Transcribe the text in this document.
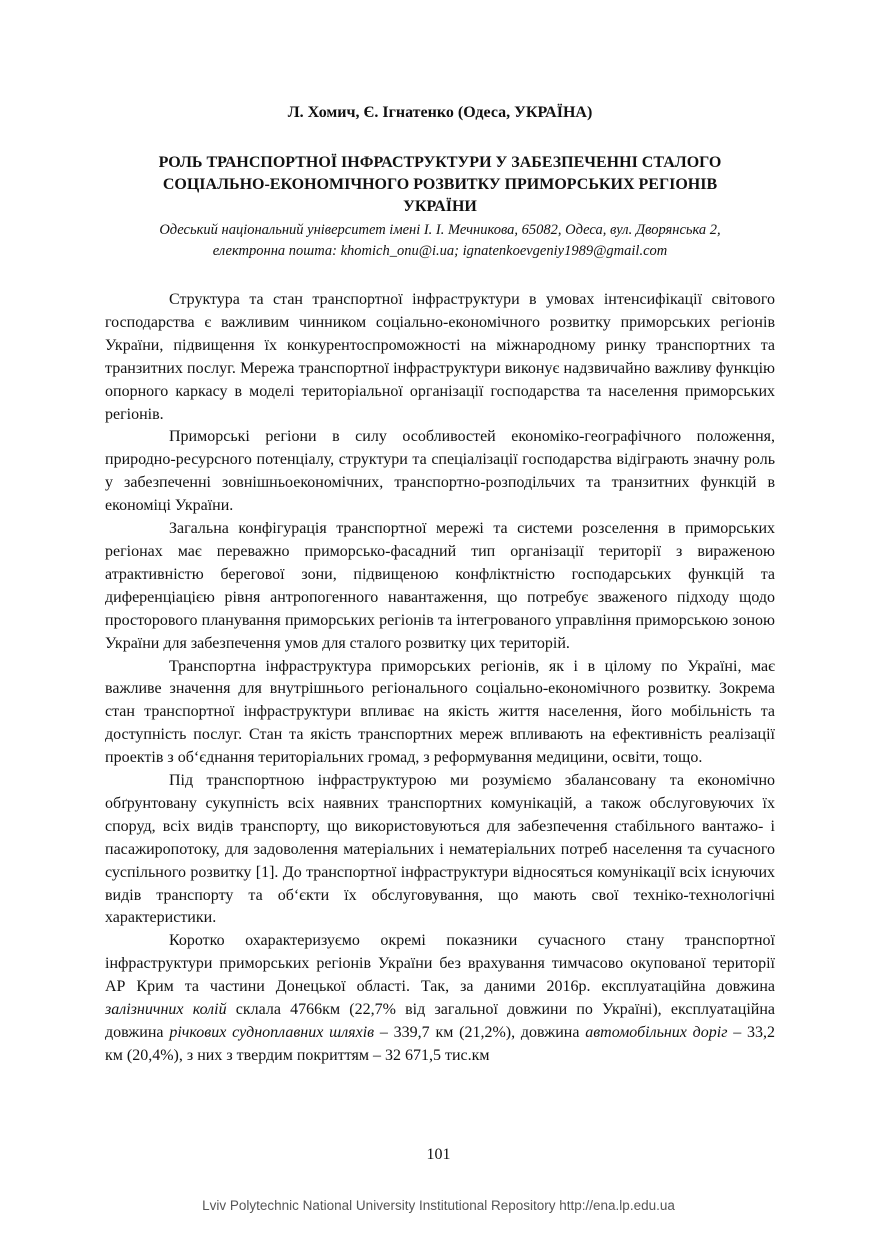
Л. Хомич, Є. Ігнатенко (Одеса, УКРАЇНА)
РОЛЬ ТРАНСПОРТНОЇ ІНФРАСТРУКТУРИ У ЗАБЕЗПЕЧЕННІ СТАЛОГО
СОЦІАЛЬНО-ЕКОНОМІЧНОГО РОЗВИТКУ ПРИМОРСЬКИХ РЕГІОНІВ
УКРАЇНИ
Одеський національний університет імені І. І. Мечникова, 65082, Одеса, вул. Дворянська 2,
електронна пошта: khomich_onu@i.ua; ignatenkoevgeniy1989@gmail.com

Структура та стан транспортної інфраструктури в умовах інтенсифікації світового господарства є важливим чинником соціально-економічного розвитку приморських регіонів України, підвищення їх конкурентоспроможності на міжнародному ринку транспортних та транзитних послуг. Мережа транспортної інфраструктури виконує надзвичайно важливу функцію опорного каркасу в моделі територіальної організації господарства та населення приморських регіонів.

Приморські регіони в силу особливостей економіко-географічного положення, природно-ресурсного потенціалу, структури та спеціалізації господарства відіграють значну роль у забезпеченні зовнішньоекономічних, транспортно-розподільчих та транзитних функцій в економіці України.

Загальна конфігурація транспортної мережі та системи розселення в приморських регіонах має переважно приморсько-фасадний тип організації території з вираженою атрактивністю берегової зони, підвищеною конфліктністю господарських функцій та диференціацією рівня антропогенного навантаження, що потребує зваженого підходу щодо просторового планування приморських регіонів та інтегрованого управління приморською зоною України для забезпечення умов для сталого розвитку цих територій.

Транспортна інфраструктура приморських регіонів, як і в цілому по Україні, має важливе значення для внутрішнього регіонального соціально-економічного розвитку. Зокрема стан транспортної інфраструктури впливає на якість життя населення, його мобільність та доступність послуг. Стан та якість транспортних мереж впливають на ефективність реалізації проектів з об‘єднання територіальних громад, з реформування медицини, освіти, тощо.

Під транспортною інфраструктурою ми розуміємо збалансовану та економічно обґрунтовану сукупність всіх наявних транспортних комунікацій, а також обслуговуючих їх споруд, всіх видів транспорту, що використовуються для забезпечення стабільного вантажо- і пасажиропотоку, для задоволення матеріальних і нематеріальних потреб населення та сучасного суспільного розвитку [1]. До транспортної інфраструктури відносяться комунікації всіх існуючих видів транспорту та об‘єкти їх обслуговування, що мають свої техніко-технологічні характеристики.

Коротко охарактеризуємо окремі показники сучасного стану транспортної інфраструктури приморських регіонів України без врахування тимчасово окупованої території АР Крим та частини Донецької області. Так, за даними 2016р. експлуатаційна довжина залізничних колій склала 4766км (22,7% від загальної довжини по Україні), експлуатаційна довжина річкових судноплавних шляхів – 339,7 км (21,2%), довжина автомобільних доріг – 33,2 км (20,4%), з них з твердим покриттям – 32 671,5 тис.км

101
Lviv Polytechnic National University Institutional Repository http://ena.lp.edu.ua
